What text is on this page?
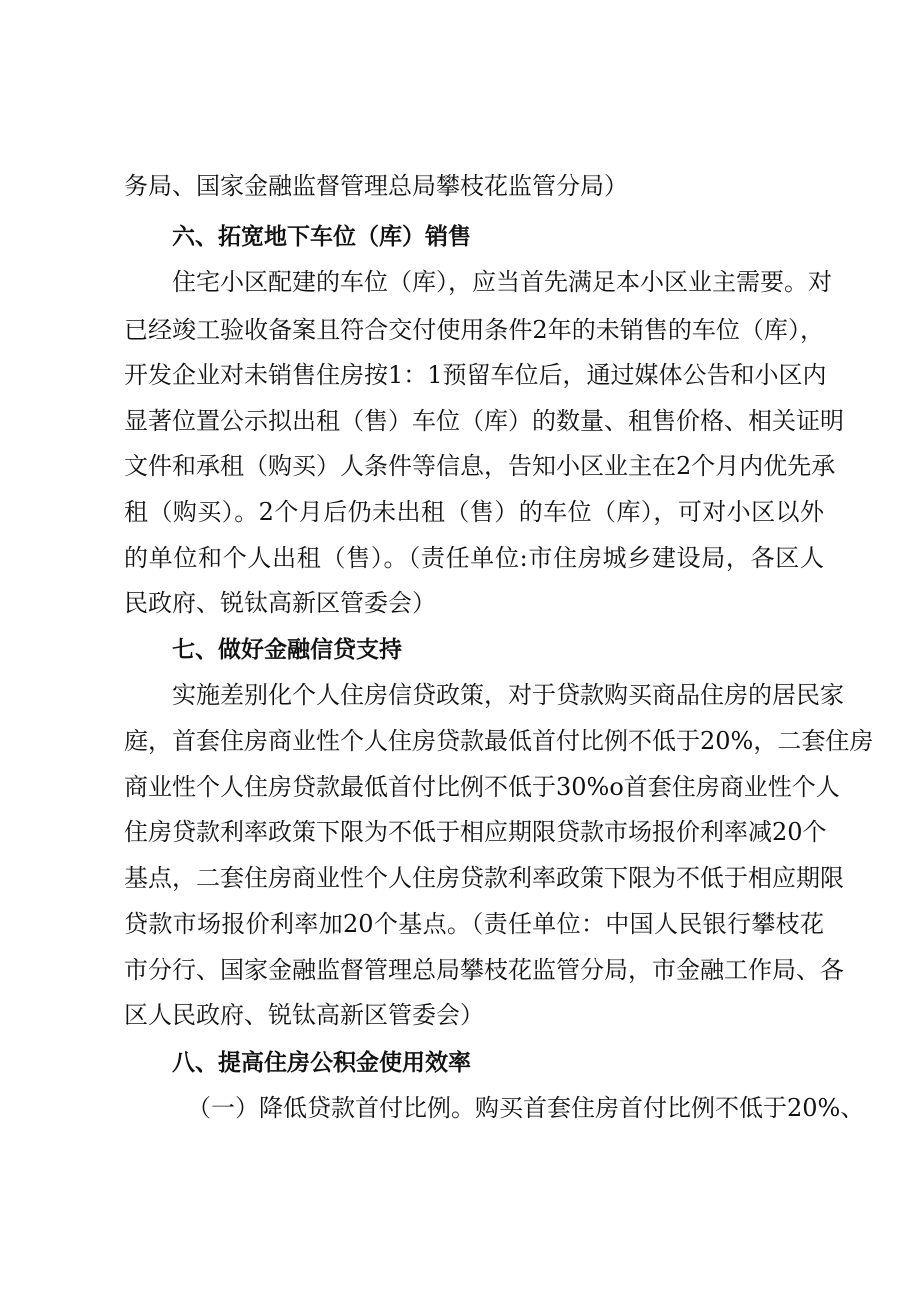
务局、国家金融监督管理总局攀枝花监管分局）
六、拓宽地下车位（库）销售
住宅小区配建的车位（库），应当首先满足本小区业主需要。对
已经竣工验收备案且符合交付使用条件2年的未销售的车位（库），
开发企业对未销售住房按1：1预留车位后，通过媒体公告和小区内
显著位置公示拟出租（售）车位（库）的数量、租售价格、相关证明
文件和承租（购买）人条件等信息，告知小区业主在2个月内优先承
租（购买）。2个月后仍未出租（售）的车位（库），可对小区以外
的单位和个人出租（售）。（责任单位:市住房城乡建设局，各区人
民政府、锐钛高新区管委会）
七、做好金融信贷支持
实施差别化个人住房信贷政策，对于贷款购买商品住房的居民家
庭，首套住房商业性个人住房贷款最低首付比例不低于20%，二套住房
商业性个人住房贷款最低首付比例不低于30%o首套住房商业性个人
住房贷款利率政策下限为不低于相应期限贷款市场报价利率减20个
基点，二套住房商业性个人住房贷款利率政策下限为不低于相应期限
贷款市场报价利率加20个基点。（责任单位：中国人民银行攀枝花
市分行、国家金融监督管理总局攀枝花监管分局，市金融工作局、各
区人民政府、锐钛高新区管委会）
八、提高住房公积金使用效率
（一）降低贷款首付比例。购买首套住房首付比例不低于20%、
